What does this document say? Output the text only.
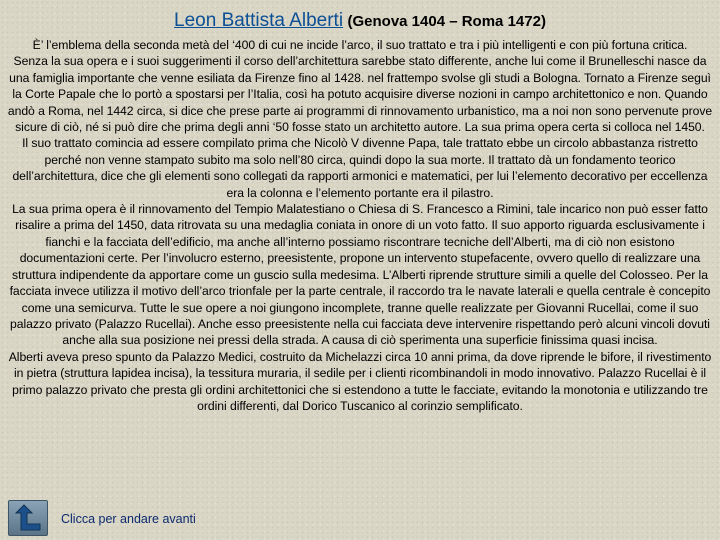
Leon Battista Alberti (Genova 1404 – Roma 1472)

È’ l’emblema della seconda metà del ‘400 di cui ne incide l’arco, il suo trattato e tra i più intelligenti e con più fortuna critica.

Senza la sua opera e i suoi suggerimenti il corso dell’architettura sarebbe stato differente, anche lui come il Brunelleschi nasce da una famiglia importante che venne esiliata da Firenze fino al 1428. nel frattempo svolse gli studi a Bologna. Tornato a Firenze seguì la Corte Papale che lo portò a spostarsi per l’Italia, così ha potuto acquisire diverse nozioni in campo architettonico e non. Quando andò a Roma, nel 1442 circa, si dice che prese parte ai programmi di rinnovamento urbanistico, ma a noi non sono pervenute prove sicure di ciò, né si può dire che prima degli anni ‘50 fosse stato un architetto autore. La sua prima opera certa si colloca nel 1450.

Il suo trattato comincia ad essere compilato prima che Nicolò V divenne Papa, tale trattato ebbe un circolo abbastanza ristretto perché non venne stampato subito ma solo nell’80 circa, quindi dopo la sua morte. Il trattato dà un fondamento teorico dell’architettura, dice che gli elementi sono collegati da rapporti armonici e matematici, per lui l’elemento decorativo per eccellenza era la colonna e l’elemento portante era il pilastro.

La sua prima opera è il rinnovamento del Tempio Malatestiano o Chiesa di S. Francesco a Rimini, tale incarico non può esser fatto risalire a prima del 1450, data ritrovata su una medaglia coniata in onore di un voto fatto. Il suo apporto riguarda esclusivamente i fianchi e la facciata dell’edificio, ma anche all’interno possiamo riscontrare tecniche dell’Alberti, ma di ciò non esistono documentazioni certe. Per l’involucro esterno, preesistente, propone un intervento stupefacente, ovvero quello di realizzare una struttura indipendente da apportare come un guscio sulla medesima. L’Alberti riprende strutture simili a quelle del Colosseo. Per la facciata invece utilizza il motivo dell’arco trionfale per la parte centrale, il raccordo tra le navate laterali e quella centrale è concepito come una semicurva. Tutte le sue opere a noi giungono incomplete, tranne quelle realizzate per Giovanni Rucellai, come il suo palazzo privato (Palazzo Rucellai). Anche esso preesistente nella cui facciata deve intervenire rispettando però alcuni vincoli dovuti anche alla sua posizione nei pressi della strada. A causa di ciò sperimenta una superficie finissima quasi incisa.

Alberti aveva preso spunto da Palazzo Medici, costruito da Michelazzi circa 10 anni prima, da dove riprende le bifore, il rivestimento in pietra (struttura lapidea incisa), la tessitura muraria, il sedile per i clienti ricombinandoli in modo innovativo. Palazzo Rucellai è il primo palazzo privato che presta gli ordini architettonici che si estendono a tutte le facciate, evitando la monotonia e utilizzando tre ordini differenti, dal Dorico Tuscanico al corinzio semplificato.

Clicca per andare avanti
